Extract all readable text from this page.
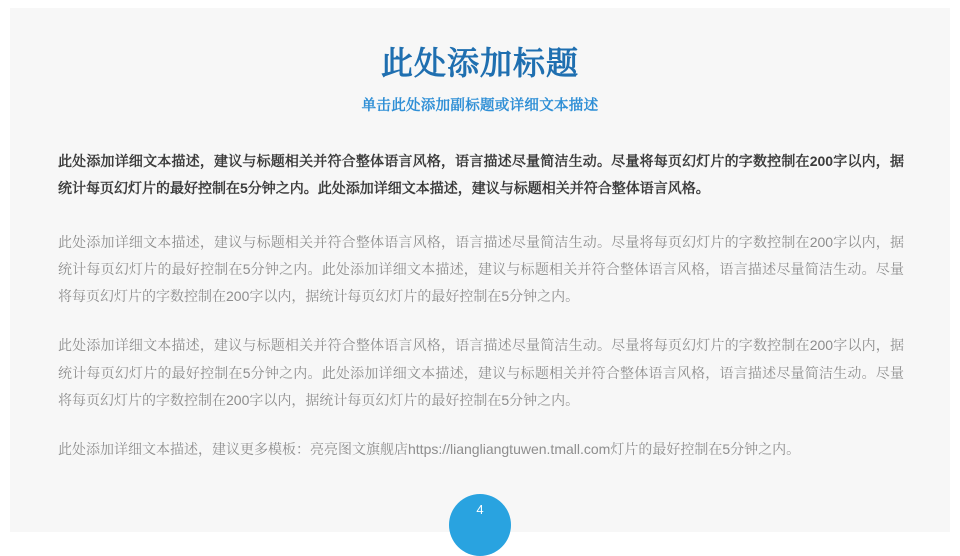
此处添加标题

单击此处添加副标题或详细文本描述

此处添加详细文本描述，建议与标题相关并符合整体语言风格，语言描述尽量简洁生动。尽量将每页幻灯片的字数控制在200字以内，据统计每页幻灯片的最好控制在5分钟之内。此处添加详细文本描述，建议与标题相关并符合整体语言风格。

此处添加详细文本描述，建议与标题相关并符合整体语言风格，语言描述尽量简洁生动。尽量将每页幻灯片的字数控制在200字以内，据统计每页幻灯片的最好控制在5分钟之内。此处添加详细文本描述，建议与标题相关并符合整体语言风格，语言描述尽量简洁生动。尽量将每页幻灯片的字数控制在200字以内，据统计每页幻灯片的最好控制在5分钟之内。

此处添加详细文本描述，建议与标题相关并符合整体语言风格，语言描述尽量简洁生动。尽量将每页幻灯片的字数控制在200字以内，据统计每页幻灯片的最好控制在5分钟之内。此处添加详细文本描述，建议与标题相关并符合整体语言风格，语言描述尽量简洁生动。尽量将每页幻灯片的字数控制在200字以内，据统计每页幻灯片的最好控制在5分钟之内。

此处添加详细文本描述，建议更多模板：亮亮图文旗舰店https://liangliangtuwen.tmall.com灯片的最好控制在5分钟之内。

4
